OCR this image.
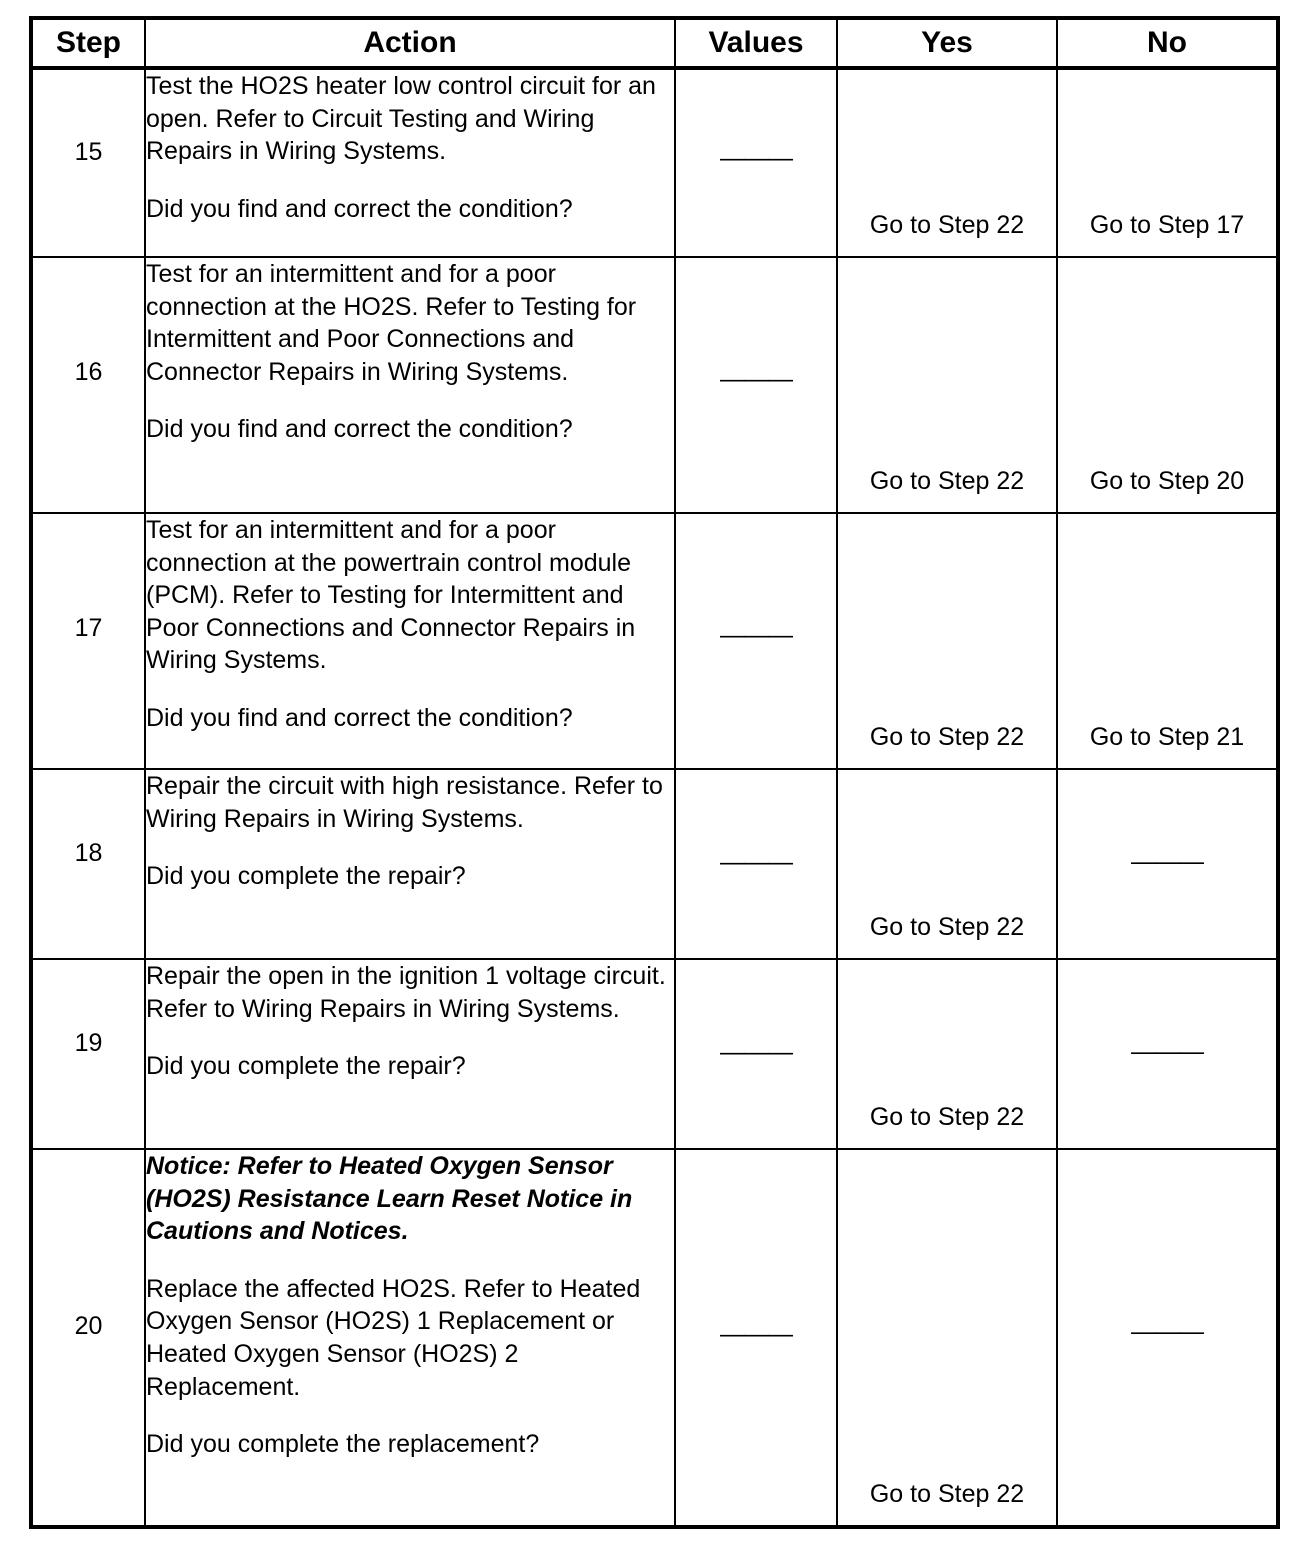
Step	Action	Values	Yes	No
15	Test the HO2S heater low control circuit for an open. Refer to Circuit Testing and Wiring Repairs in Wiring Systems.
Did you find and correct the condition?	———	Go to Step 22	Go to Step 17

16	Test for an intermittent and for a poor connection at the HO2S. Refer to Testing for Intermittent and Poor Connections and Connector Repairs in Wiring Systems.
Did you find and correct the condition?	———	Go to Step 22	Go to Step 20

17	Test for an intermittent and for a poor connection at the powertrain control module (PCM). Refer to Testing for Intermittent and Poor Connections and Connector Repairs in Wiring Systems.
Did you find and correct the condition?	———	Go to Step 22	Go to Step 21

18	Repair the circuit with high resistance. Refer to Wiring Repairs in Wiring Systems.
Did you complete the repair?	———	Go to Step 22	———

19	Repair the open in the ignition 1 voltage circuit. Refer to Wiring Repairs in Wiring Systems.
Did you complete the repair?	———	Go to Step 22	———

20	Notice: Refer to Heated Oxygen Sensor (HO2S) Resistance Learn Reset Notice in Cautions and Notices.
Replace the affected HO2S. Refer to Heated Oxygen Sensor (HO2S) 1 Replacement or Heated Oxygen Sensor (HO2S) 2 Replacement.
Did you complete the replacement?	———	Go to Step 22	———
